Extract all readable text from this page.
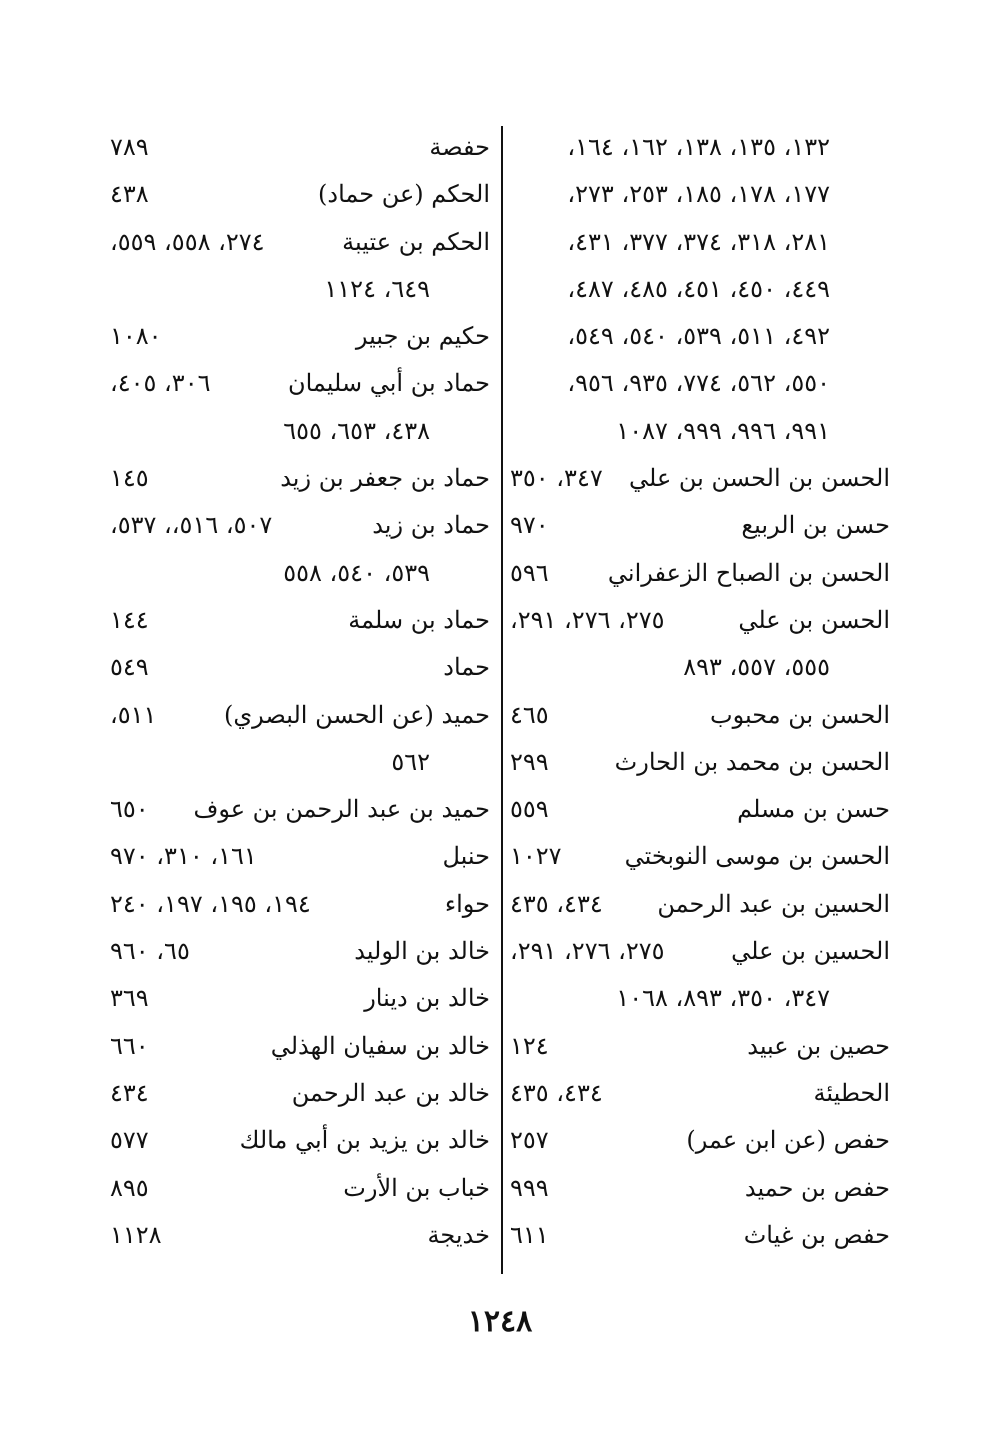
١٣٢، ١٣٥، ١٣٨، ١٦٢، ١٦٤،
١٧٧، ١٧٨، ١٨٥، ٢٥٣، ٢٧٣،
٢٨١، ٣١٨، ٣٧٤، ٣٧٧، ٤٣١،
٤٤٩، ٤٥٠، ٤٥١، ٤٨٥، ٤٨٧،
٤٩٢، ٥١١، ٥٣٩، ٥٤٠، ٥٤٩،
٥٥٠، ٥٦٢، ٧٧٤، ٩٣٥، ٩٥٦،
٩٩١، ٩٩٦، ٩٩٩، ١٠٨٧
الحسن بن الحسن بن علي
٣٤٧، ٣٥٠
حسن بن الربيع
٩٧٠
الحسن بن الصباح الزعفراني
٥٩٦
الحسن بن علي
٢٧٥، ٢٧٦، ٢٩١،
٥٥٥، ٥٥٧، ٨٩٣
الحسن بن محبوب
٤٦٥
الحسن بن محمد بن الحارث
٢٩٩
حسن بن مسلم
٥٥٩
الحسن بن موسى النوبختي
١٠٢٧
الحسين بن عبد الرحمن
٤٣٤، ٤٣٥
الحسين بن علي
٢٧٥، ٢٧٦، ٢٩١،
٣٤٧، ٣٥٠، ٨٩٣، ١٠٦٨
حصين بن عبيد
١٢٤
الحطيئة
٤٣٤، ٤٣٥
حفص (عن ابن عمر)
٢٥٧
حفص بن حميد
٩٩٩
حفص بن غياث
٦١١
حفصة
٧٨٩
الحكم (عن حماد)
٤٣٨
الحكم بن عتيبة
٢٧٤، ٥٥٨، ٥٥٩،
٦٤٩، ١١٢٤
حكيم بن جبير
١٠٨٠
حماد بن أبي سليمان
٣٠٦، ٤٠٥،
٤٣٨، ٦٥٣، ٦٥٥
حماد بن جعفر بن زيد
١٤٥
حماد بن زيد
٥٠٧، ٥١٦،، ٥٣٧،
٥٣٩، ٥٤٠، ٥٥٨
حماد بن سلمة
١٤٤
حماد
٥٤٩
حميد (عن الحسن البصري)
٥١١،
٥٦٢
حميد بن عبد الرحمن بن عوف
٦٥٠
حنبل
١٦١، ٣١٠، ٩٧٠
حواء
١٩٤، ١٩٥، ١٩٧، ٢٤٠
خالد بن الوليد
٦٥، ٩٦٠
خالد بن دينار
٣٦٩
خالد بن سفيان الهذلي
٦٦٠
خالد بن عبد الرحمن
٤٣٤
خالد بن يزيد بن أبي مالك
٥٧٧
خباب بن الأرت
٨٩٥
خديجة
١١٢٨
١٢٤٨
